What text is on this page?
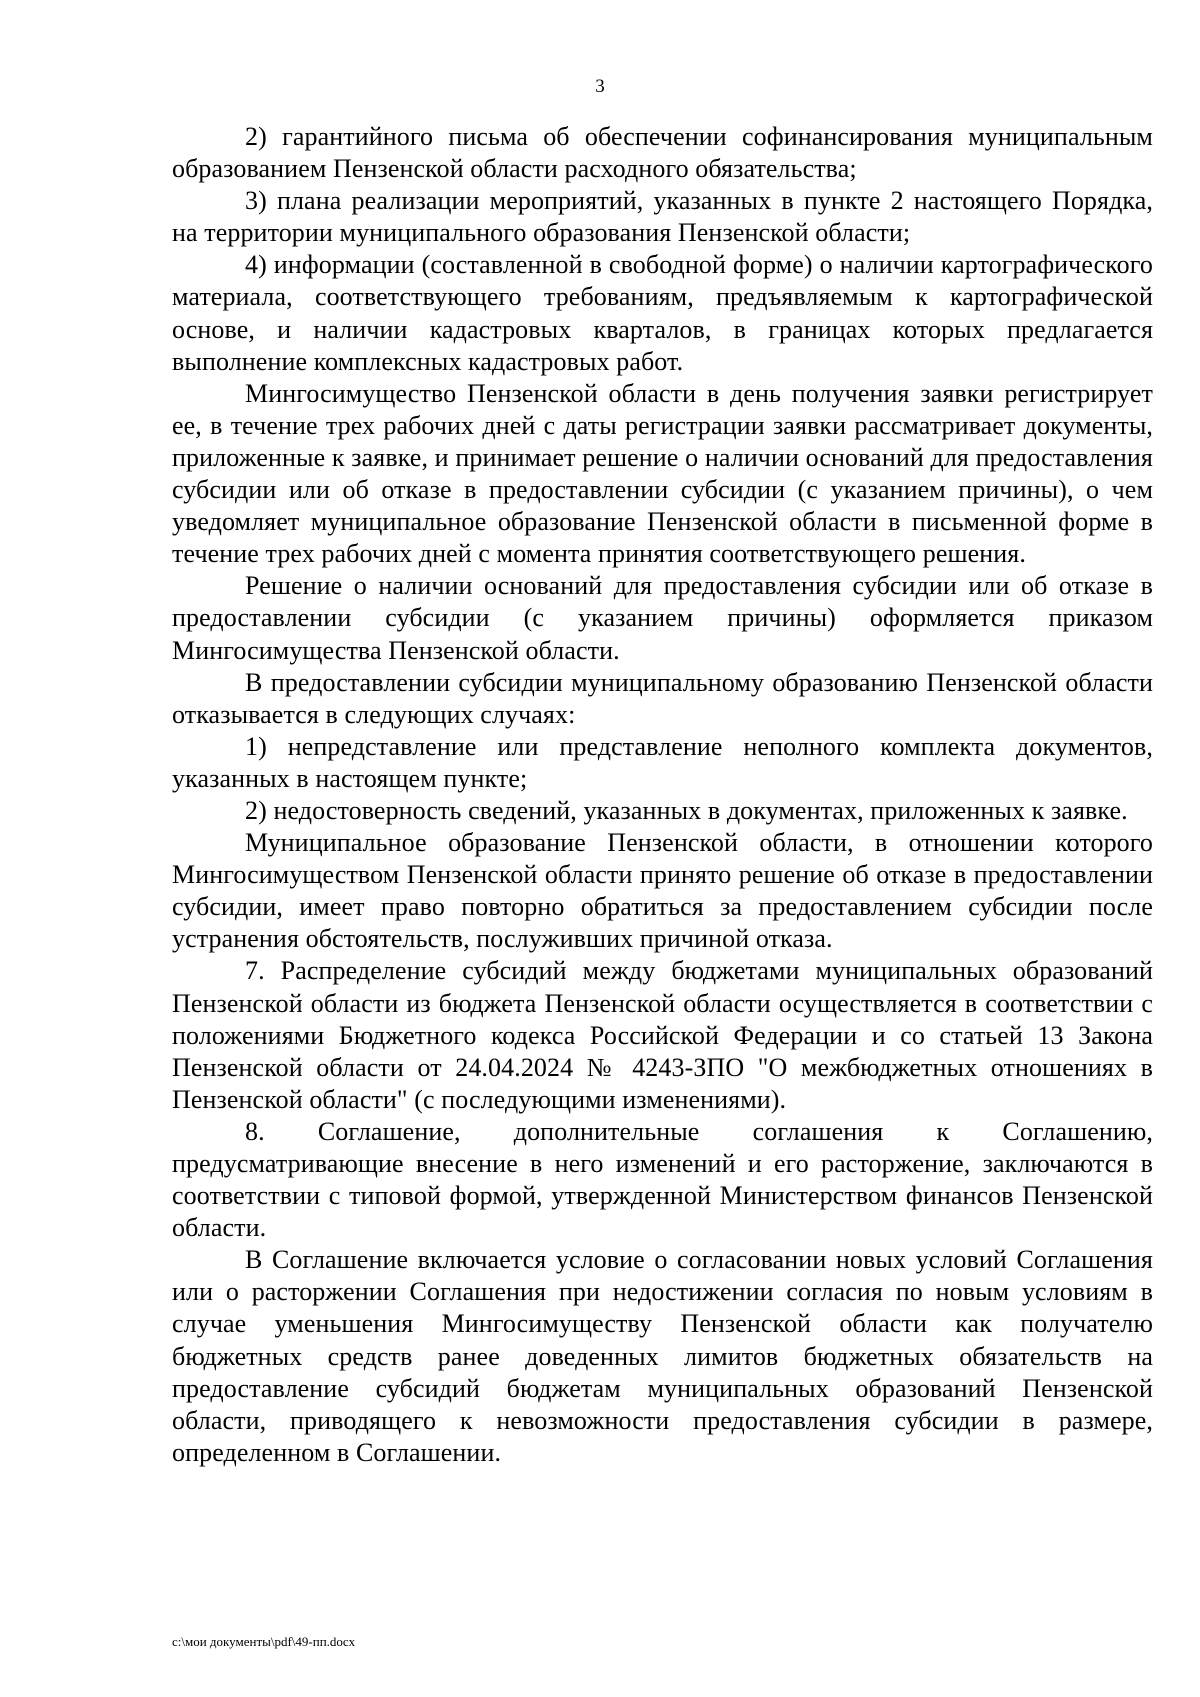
3

2) гарантийного письма об обеспечении софинансирования муниципальным образованием Пензенской области расходного обязательства;

3) плана реализации мероприятий, указанных в пункте 2 настоящего Порядка, на территории муниципального образования Пензенской области;

4) информации (составленной в свободной форме) о наличии картографического материала, соответствующего требованиям, предъявляемым к картографической основе, и наличии кадастровых кварталов, в границах которых предлагается выполнение комплексных кадастровых работ.

Мингосимущество Пензенской области в день получения заявки регистрирует ее, в течение трех рабочих дней с даты регистрации заявки рассматривает документы, приложенные к заявке, и принимает решение о наличии оснований для предоставления субсидии или об отказе в предоставлении субсидии (с указанием причины), о чем уведомляет муниципальное образование Пензенской области в письменной форме в течение трех рабочих дней с момента принятия соответствующего решения.

Решение о наличии оснований для предоставления субсидии или об отказе в предоставлении субсидии (с указанием причины) оформляется приказом Мингосимущества Пензенской области.

В предоставлении субсидии муниципальному образованию Пензенской области отказывается в следующих случаях:

1) непредставление или представление неполного комплекта документов, указанных в настоящем пункте;

2) недостоверность сведений, указанных в документах, приложенных к заявке.

Муниципальное образование Пензенской области, в отношении которого Мингосимуществом Пензенской области принято решение об отказе в предоставлении субсидии, имеет право повторно обратиться за предоставлением субсидии после устранения обстоятельств, послуживших причиной отказа.

7. Распределение субсидий между бюджетами муниципальных образований Пензенской области из бюджета Пензенской области осуществляется в соответствии с положениями Бюджетного кодекса Российской Федерации и со статьей 13 Закона Пензенской области от 24.04.2024 № 4243-ЗПО "О межбюджетных отношениях в Пензенской области" (с последующими изменениями).

8. Соглашение, дополнительные соглашения к Соглашению, предусматривающие внесение в него изменений и его расторжение, заключаются в соответствии с типовой формой, утвержденной Министерством финансов Пензенской области.

В Соглашение включается условие о согласовании новых условий Соглашения или о расторжении Соглашения при недостижении согласия по новым условиям в случае уменьшения Мингосимуществу Пензенской области как получателю бюджетных средств ранее доведенных лимитов бюджетных обязательств на предоставление субсидий бюджетам муниципальных образований Пензенской области, приводящего к невозможности предоставления субсидии в размере, определенном в Соглашении.

c:\мои документы\pdf\49-пп.docx
